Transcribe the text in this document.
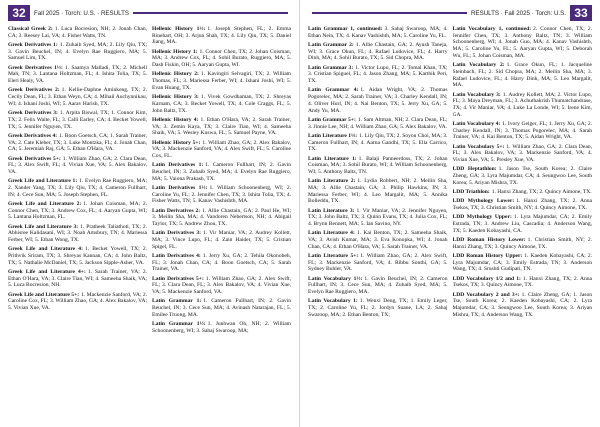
32	Fall 2025 · Torch: U.S. · RESULTS

Classical Greek 2: 1. Luca Bocresion, NH; 2. Jonah Chan, CA; 3. Reesey Lai, VA; 4. Fisher Watts, TN.

Greek Derivatives 1: 1. Zuhaib Syed, MA; 2. Lily Qiu, TX; 3. Gavin Beuchel, IN; 4. Evelyn Rae Ruggiero, MA; 5. Samuel Lim, TX.

Greek Derivatives 1½: 1. Saamya Malladi, TX; 2. Michell Mah, TN; 3. Lantana Holtzman, FL; 4. Ishita Tolia, TX; 5. Eleri Healy, VA.

Greek Derivatives 2: 1. Kellie-Daphne Aminkeng, TX; 2. Cecily Dean, FL; 3. Ethan Weyn, CA; 4. Mihail Auchynnikau, WI; 4. Ishani Joshi, WI; 5. Aarav Harish, TX.

Greek Derivatives 3: 1. Arpita Biswal, TX; 1. Connor Kim, TX; 2. Felix Waite, FL; 3. Calli Earley, CA; 4. Becket Yowell, TX; 5. Jennifer Nguyen, TX.

Greek Derivatives 4: 1. Boon Goetsch, CA; 1. Sarah Trainer, VA; 2. Cate Kleber, TX; 3. Luke Montzka, FL; 4. Jonah Chan, CA; 5. Jeremiah Raj, GA; 5. Ethan O'Hara, VA.

Greek Derivatives 5+: 1. William Zhao, GA; 2. Clara Dean, FL; 3. Alex Swift, FL; 4. Vivian Xue, VA; 5. Alex Bakalov, VA.

Greek Life and Literature 1: 1. Evelyn Rae Ruggiero, MA; 2. Xander Yang, TX; 3. Lily Qiu, TX; 4. Cameron Fullhart, IN; 4. Cece Sun, MA; 5. Joseph Stephen, FL.

Greek Life and Literature 2: 1. Johan Coisman, MA; 2. Connor Chen, TX; 3. Andrew Cox, FL; 4. Aaryan Gupta, WI; 5. Lantana Holtzman, FL.

Greek Life and Literature 3: 1. Pratheek Taliathoti, TX; 2. Abhisree Kalidasani, WI; 3. Noah Amsbury, TN; 4. Mariessa Ferber, WI; 5. Ethan Wong, TX.

Greek Life and Literature 4: 1. Becket Yowell, TX; 2. Prithvik Sriram, TX; 3. Shreyas Kannan, CA; 4. John Baltz, TX; 5. Nathalie McDaniel, TX; 5. Jackson Sipple-Asher, VA.

Greek Life and Literature 4+: 1. Sarah Trainer, VA; 2. Ethan O'Hara, VA; 3. Claire Tian, WI; 4. Sameeha Shaik, VA; 5. Luca Bocresion, NH.

Greek Life and Literature 5+: 1. Mackenzie Sanford, VA; 2. Caroline Cox, FL; 3. William Zhao, GA; 4. Alex Bakalov, VA; 5. Vivian Xue, VA.

Hellenic History 1½: 1. Joseph Stephen, FL; 2. Emma Rinehart, OH; 3. Arjun Shah, TX; 4. Lily Qiu, TX; 5. Daniel Jiang, MA.

Hellenic History 1: 1. Connor Chen, TX; 2. Johan Coisman, MA; 3. Andrew Cox, FL; 4. Sohil Burato, Ruggiero, MA; 5. Dash Fiskin, OH; 5. Aaryan Gupta, WI.

Hellenic History 2: 1. Kavingiri Selvagiri, TX; 2. William Thomas, FL; 3. Mariessa Ferber, WI; 4. Ishani Joshi, WI; 5. Evan Huang, TX.

Hellenic History 3: 1. Vivek Gowdhaman, TX; 2. Shreyas Karnam, CA; 3. Becket Yowell, TX; 4. Cole Craggs, FL; 5. John Baltz, TX.

Hellenic History 4: 1. Ethan O'Hara, VA; 2. Sarah Trainer, VA; 3. Zemin Kaya, TX; 3. Claire Tian, WI; 4. Sameeha Shaik, VA; 5. Wesley Kuswa, FL; 5. Samuel Payne, VA.

Hellenic History 5+: 1. William Zhao, GA; 2. Alex Bakalov, VA; 3. Mackenzie Sanford, VA; 4. Alex Swift, FL; 5. Caroline Cox, FL.

Latin Derivatives 1: 1. Cameron Fullhart, IN; 2. Gavin Beuchel, IN; 3. Zuhaib Syed, MA; 4. Evelyn Rae Ruggiero, MA; 5. Vaiona Prakash, TX.

Latin Derivatives 1½: 1. William Schoonenberg, WI; 2. Caroline Yu, FL; 2. Jennifer Chen, TX; 3. Ishita Tolia, TX; 4. Fisher Watts, TN; 5. Kanav Vashishth, MA.

Latin Derivatives 2: 1. Allie Chastain, GA; 2. Paul He, WI; 3. Meilin Sha, MA; 4. Vandoren Nebertson, NH; 4. Abigail Taylor, TX; 5. Andrew Zhou, TX.

Latin Derivatives 3: 1. Vir Maniar, VA; 2. Audrey Kollett, MA; 3. Vince Lupo, FL; 4. Zain Haider, TX; 5. Cristian Spigel, FL.

Latin Derivatives 4: 1. Jerry Xu, GA; 2. Tehila Okonobeh, FL; 3. Jonah Chan, CA; 4. Boon Goetsch, CA; 5. Sarah Trainer, VA.

Latin Derivatives 5+: 1. William Zhao, GA; 2. Alex Swift, FL; 3. Clara Dean, FL; 3. Alex Bakalov, VA; 4. Vivian Xue, VA; 5. Mackenzie Sanford, VA.

Latin Grammar 1: 1. Cameron Fullhart, IN; 2. Gavin Beuchel, IN; 3. Cece Sun, MA; 4. Avinash Natarajan, FL; 5. Emilee Truong, MA.

Latin Grammar 1½: 1. Junhwan Oh, NH; 2. William Schoonenberg, WI; 3. Sahaj Swaroop, MA;

RESULTS · Fall 2025 · Torch: U.S. 33

Latin Grammar 1, continued: 3. Sahaj Swaroop, MA; 4. Ethan Nein, TX; 4. Kanav Vashishth, MA; 5. Caroline Yu, FL.

Latin Grammar 2: 1. Allie Chastain, GA; 2. Ayush Taneja, WI; 3. Grace Okun, FL; 4. Rafael Ludovice, FL; 4. Harry Dinh, MA; 4. Sohil Burato, TX; 5. Sid Chopra, MA.

Latin Grammar 3: 1. Victor Lupo, FL; 2. Tomal Khan, TX; 3. Cristian Spiguel, FL; 4. Jason Zhang, MA; 5. Karthik Peri, TX.

Latin Grammar 4: 1. Aidan Wright, VA; 2. Thomas Pogorelec, MA; 2. Sarah Trainer, VA; 3. Charley Kendall, IN; 4. Oliver Hurl, IN; 4. Nai Benton, TX; 5. Jerry Xu, GA; 5. Andy Yu, MA.

Latin Grammar 5+: 1. Sam Altman, NH; 2. Clara Dean, FL; 3. Jinnie Lee, NH; 4. William Zhao, GA; 5. Alex Bakalov, VA.

Latin Literature 1½: 1. Lily Qiu, TX; 2. Soyou Choi, MA; 3. Cameron Fullhart, IN; 4. Aarna Gandhi, TX; 5. Ella Carrico, TX.

Latin Literature 1: 1. Balaji Panneerdoss, TX; 2. Johan Coisman, MA; 3. Sohil Burato, WI; 4. William Schoonenberg, WI; 5. Anthony Baltz, TN.

Latin Literature 2: 1. Lydia Robbert, NH; 2. Meilin Sha, MA; 3. Allie Chastain, GA; 3. Philip Hawkins, IN; 3. Mariessa Ferber, WI; 4. Leo Margalit, MA; 5. Annika Bolleddu, TX.

Latin Literature 3: 1. Vir Maniar, VA; 2. Jennifer Nguyen, TX; 3. John Baltz, TX; 3. Quinn Evans, TX; 4. Julia Cox, FL; 4. Brynn Bennett, MA; 5. Ian Savino, NY.

Latin Literature 4: 1. Kai Benton, TX; 2. Sameeha Shaik, VA; 3. Avish Kumar, MA; 3. Eva Konopka, WI; 4. Jonah Chan, CA; 4. Ethan O'Hara, VA; 5. Sarah Trainer, VA.

Latin Literature 5+: 1. William Zhao, GA; 2. Alex Swift, FL; 3. Mackenzie Sanford, VA; 4. Ribbu Sonthi, GA; 5. Sydney Buhler, VA.

Latin Vocabulary 1½: 1. Gavin Beuchel, IN; 2. Cameron Fullhart, IN; 3. Cece Sun, MA; 4. Zuhaib Syed, MA; 5. Evelyn Rae Ruggiero, MA.

Latin Vocabulary 1: 1. Wenxi Deng, TX; 1. Emily Leger, TX; 2. Caroline Yu, FL; 2. Jordyn Suane, LA; 2. Sahaj Swaroop, MA; 2. Ethan Benton, TX;

Latin Vocabulary 1, continued: 2. Connor Chen, TX; 2. Jennifer Chen, TX; 3. Anthony Baltz, TN; 3. William Schoonenberg, WI; 4. Jonah Guo, MA; 4. Kanav Vashishth, MA; 5. Caroline Yu, FL; 5. Aaryan Gupta, WI; 5. Deborah Wu, FL; 5. Johan Coisman, MA.

Latin Vocabulary 2: 1. Grace Okun, FL; 1. Jacqueline Steinbach, FL; 2. Sid Chopra, MA; 2. Meilin Sha, MA; 3. Rafael Ludovice, FL; 4. Harry Dinh, MA; 5. Leo Margalit, MA.

Latin Vocabulary 3: 1. Audrey Kollett, MA; 2. Victor Lupo, FL; 3. Maya Dreyman, FL; 3. Achuthakrish Thumatchandrase, TX; 4. Vir Maniar, VA; 4. Luke La Londe, WI; 5. Irene Kim, GA.

Latin Vocabulary 4: 1. Ivory Geiger, FL; 1. Jerry Xu, GA; 2. Charley Kendall, IN; 3. Thomas Pogorelec, MA; 4. Sarah Trainer, VA; 4. Kai Benton, TX; 5. Aidan Wright, VA.

Latin Vocabulary 5+: 1. William Zhao, GA; 2. Clara Dean, FL; 3. Alex Bakalov, VA; 3. Mackenzie Sanford, VA; 4. Vivian Xue, VA; 5. Presley Xue, VA.

LDD Heptathlon: 1. Jason Tse, South Korea; 2. Claire Zheng, GA; 3. Lyra Majumdar, CA; 4. Seungwoo Lee, South Korea; 5. Ariyan Mishra, TX.

LDD Triathlon: 1. Hanxi Zhang, TX; 2. Quincy Aimone, TX.

LDD Mythology Lower: 1. Hanxi Zhang, TX; 2. Anna Tsekos, TX; 3. Christian Smith, NY; 4. Quincy Aimone, TX.

LDD Mythology Upper: 1. Lyra Majumdar, CA; 2. Emily Estrada, TN; 3. Andrew Liu, Cascadia; 4. Anderson Wang, TX; 5. Kaeden Kobayashi, CA.

LDD Roman History Lower: 1. Christian Smith, NY; 2. Hanxi Zhang, TX; 3. Quincy Aimone, TX.

LDD Roman History Upper: 1. Kaeden Kobayashi, CA; 2. Lyra Majumdar, CA; 3. Emily Estrada, TN; 3. Anderson Wang, TX; 4. Srushti Gudipati, TN.

LDD Vocabulary 1/2 and 1: 1. Hanxi Zhang, TX; 2. Anna Tsekos, TX; 3. Quincy Aimone, TX.

LDD Vocabulary 2 and 3+: 1. Claire Zheng, GA; 1. Jason Tse, South Korea; 2. Kaeden Kobayashi, CA; 2. Lyra Majumdar, CA; 3. Seungwoo Lee, South Korea; 3. Ariyan Mishra, TX; 4. Anderson Wang, TX.
